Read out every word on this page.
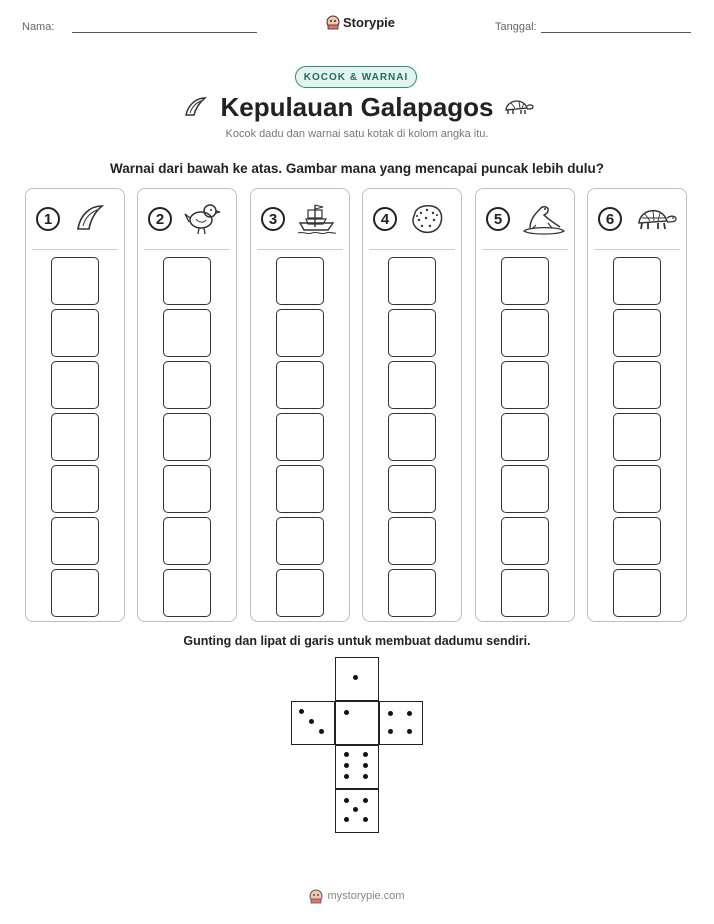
Nama:	Storypie	Tanggal:
KOCOK & WARNAI
Kepulauan Galapagos
Kocok dadu dan warnai satu kotak di kolom angka itu.
Warnai dari bawah ke atas. Gambar mana yang mencapai puncak lebih dulu?
1	2	3	4	5	6
Gunting dan lipat di garis untuk membuat dadumu sendiri.
mystorypie.com
